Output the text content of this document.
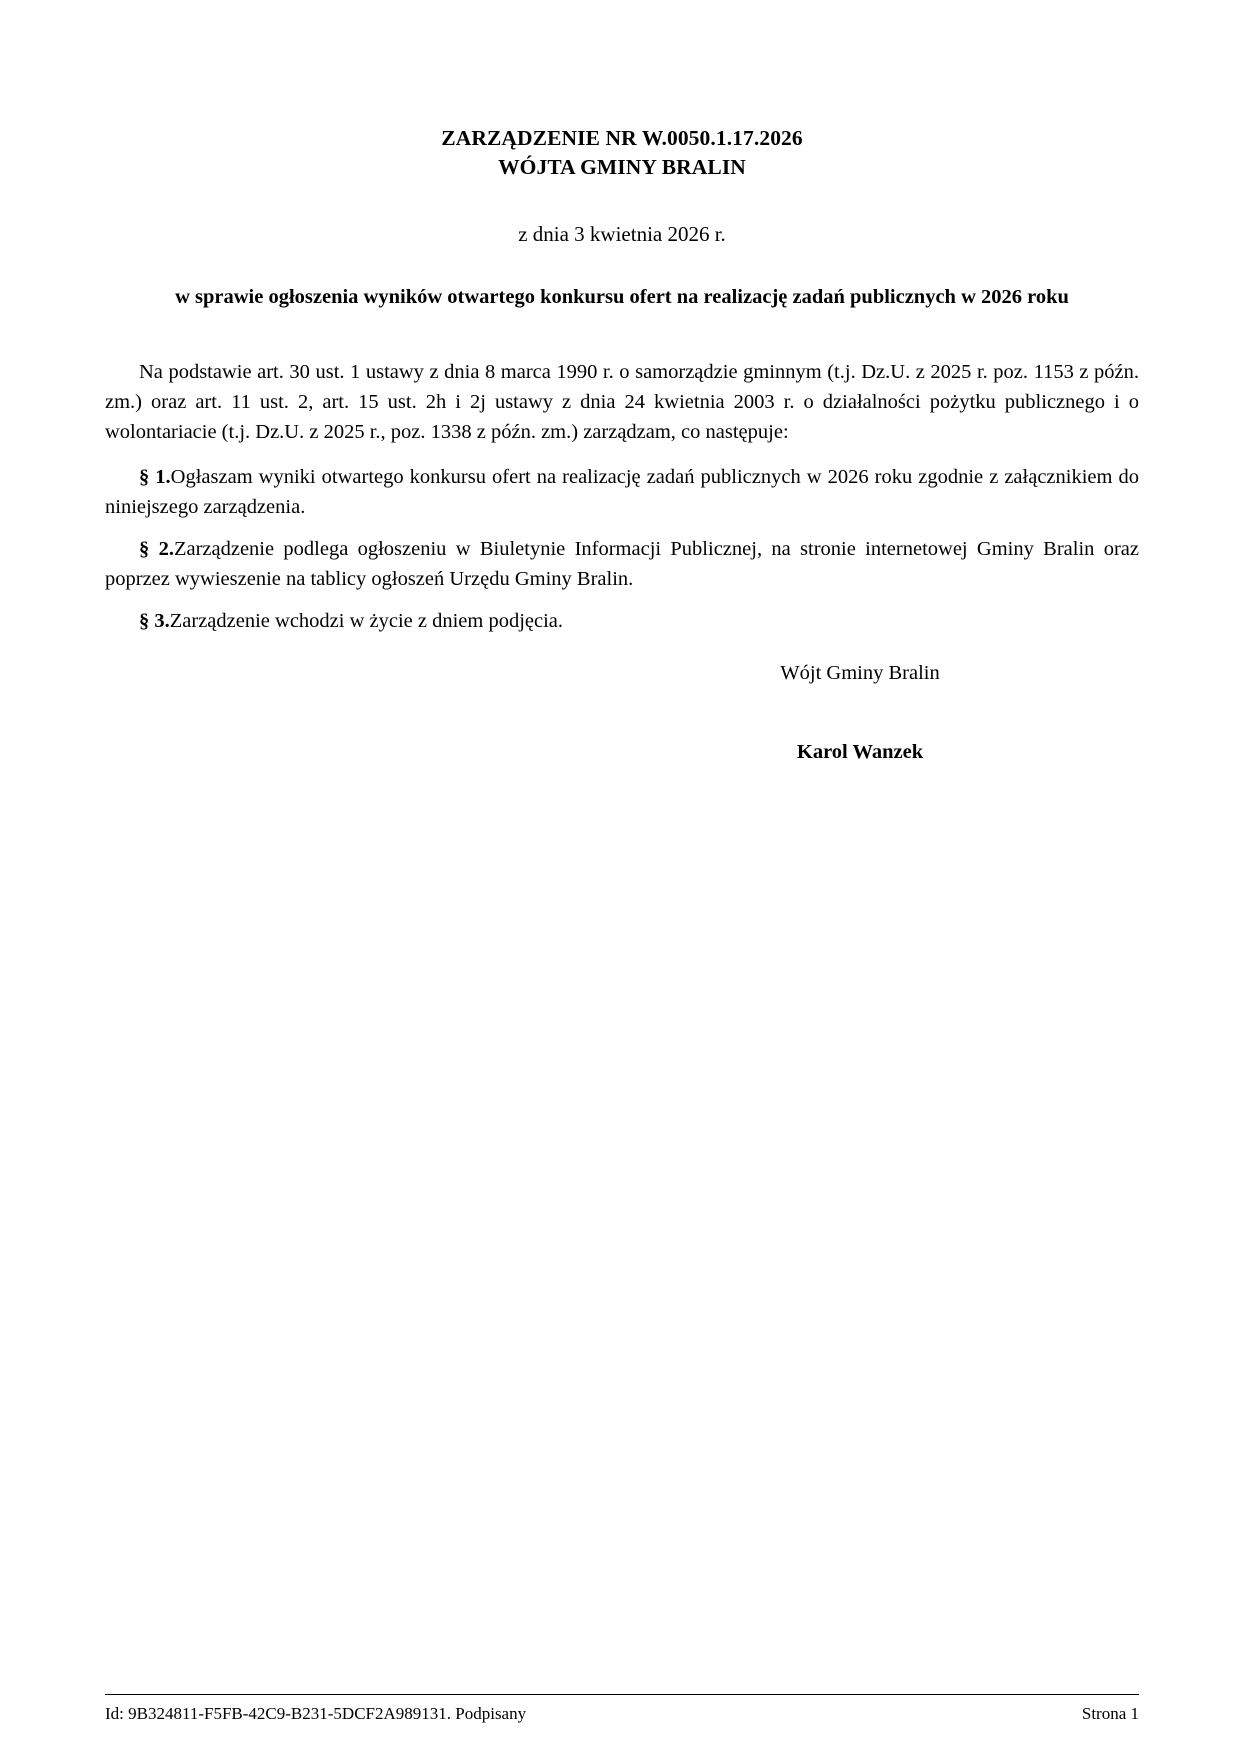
ZARZĄDZENIE NR W.0050.1.17.2026
WÓJTA GMINY BRALIN
z dnia 3 kwietnia 2026 r.
w sprawie ogłoszenia wyników otwartego konkursu ofert na realizację zadań publicznych w 2026 roku

Na podstawie art. 30 ust. 1 ustawy z dnia 8 marca 1990 r. o samorządzie gminnym (t.j. Dz.U. z 2025 r. poz. 1153 z późn. zm.) oraz art. 11 ust. 2, art. 15 ust. 2h i 2j ustawy z dnia 24 kwietnia 2003 r. o działalności pożytku publicznego i o wolontariacie (t.j. Dz.U. z 2025 r., poz. 1338 z późn. zm.) zarządzam, co następuje:

§ 1.Ogłaszam wyniki otwartego konkursu ofert na realizację zadań publicznych w 2026 roku zgodnie z załącznikiem do niniejszego zarządzenia.

§ 2.Zarządzenie podlega ogłoszeniu w Biuletynie Informacji Publicznej, na stronie internetowej Gminy Bralin oraz poprzez wywieszenie na tablicy ogłoszeń Urzędu Gminy Bralin.

§ 3.Zarządzenie wchodzi w życie z dniem podjęcia.

Wójt Gminy Bralin
Karol Wanzek
Id: 9B324811-F5FB-42C9-B231-5DCF2A989131. Podpisany	Strona 1
